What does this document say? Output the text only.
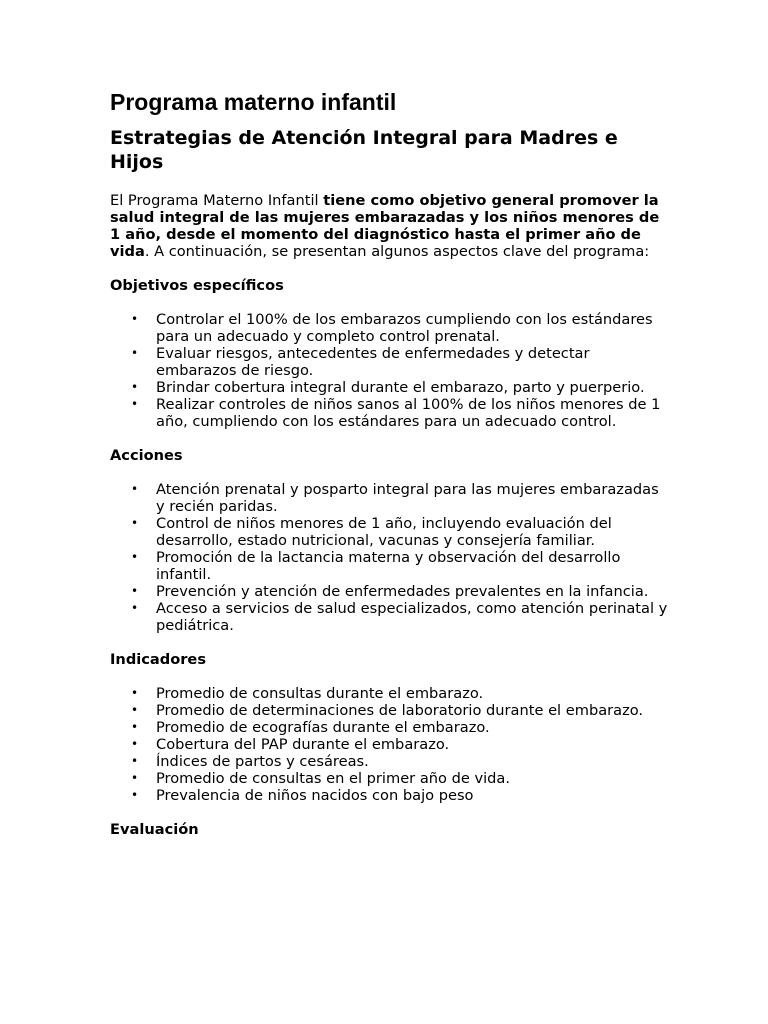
Programa materno infantil
Estrategias de Atención Integral para Madres e Hijos

El Programa Materno Infantil tiene como objetivo general promover la salud integral de las mujeres embarazadas y los niños menores de 1 año, desde el momento del diagnóstico hasta el primer año de vida. A continuación, se presentan algunos aspectos clave del programa:

Objetivos específicos
• Controlar el 100% de los embarazos cumpliendo con los estándares para un adecuado y completo control prenatal.
• Evaluar riesgos, antecedentes de enfermedades y detectar embarazos de riesgo.
• Brindar cobertura integral durante el embarazo, parto y puerperio.
• Realizar controles de niños sanos al 100% de los niños menores de 1 año, cumpliendo con los estándares para un adecuado control.
Acciones
• Atención prenatal y posparto integral para las mujeres embarazadas y recién paridas.
• Control de niños menores de 1 año, incluyendo evaluación del desarrollo, estado nutricional, vacunas y consejería familiar.
• Promoción de la lactancia materna y observación del desarrollo infantil.
• Prevención y atención de enfermedades prevalentes en la infancia.
• Acceso a servicios de salud especializados, como atención perinatal y pediátrica.
Indicadores
• Promedio de consultas durante el embarazo.
• Promedio de determinaciones de laboratorio durante el embarazo.
• Promedio de ecografías durante el embarazo.
• Cobertura del PAP durante el embarazo.
• Índices de partos y cesáreas.
• Promedio de consultas en el primer año de vida.
• Prevalencia de niños nacidos con bajo peso
Evaluación
